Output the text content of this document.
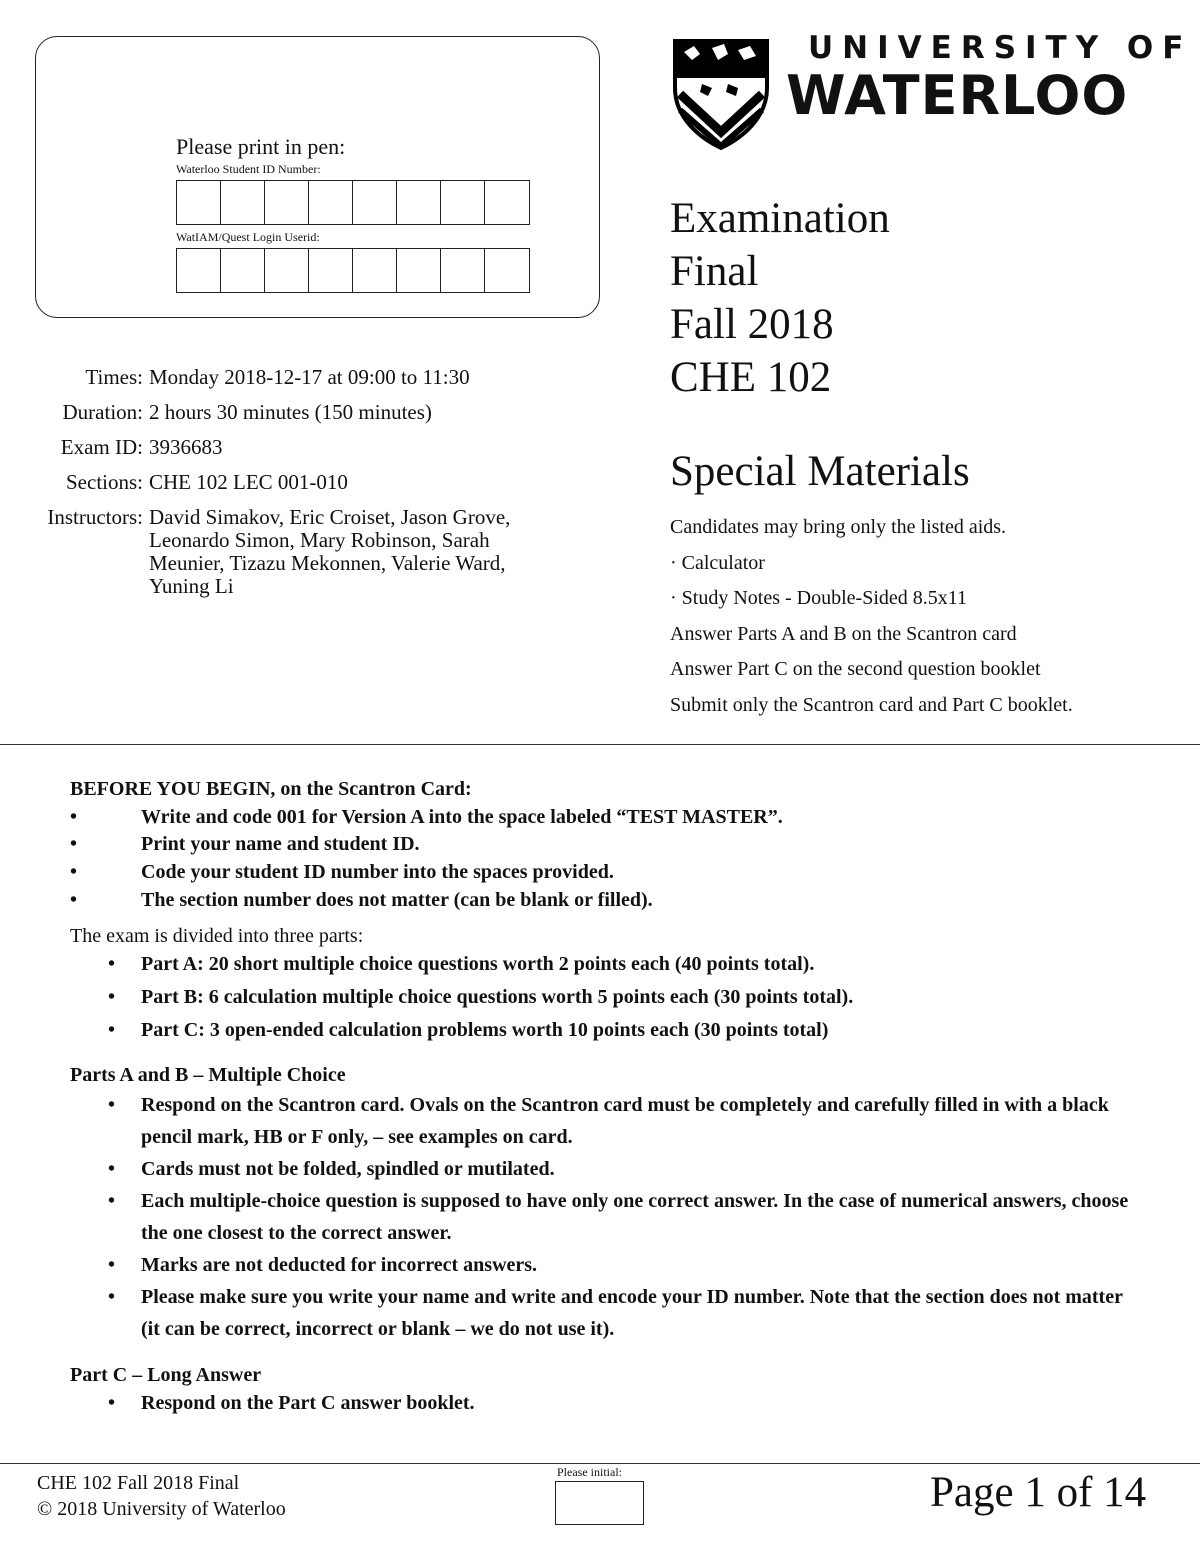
Please print in pen:
Waterloo Student ID Number:
WatIAM/Quest Login Userid:
Times: Monday 2018-12-17 at 09:00 to 11:30
Duration: 2 hours 30 minutes (150 minutes)
Exam ID: 3936683
Sections: CHE 102 LEC 001-010
Instructors: David Simakov, Eric Croiset, Jason Grove, Leonardo Simon, Mary Robinson, Sarah Meunier, Tizazu Mekonnen, Valerie Ward, Yuning Li
UNIVERSITY OF
WATERLOO
Examination
Final
Fall 2018
CHE 102
Special Materials
Candidates may bring only the listed aids.
· Calculator
· Study Notes - Double-Sided 8.5x11
Answer Parts A and B on the Scantron card
Answer Part C on the second question booklet
Submit only the Scantron card and Part C booklet.
BEFORE YOU BEGIN, on the Scantron Card:
•	Write and code 001 for Version A into the space labeled “TEST MASTER”.
•	Print your name and student ID.
•	Code your student ID number into the spaces provided.
•	The section number does not matter (can be blank or filled).
The exam is divided into three parts:
•	Part A: 20 short multiple choice questions worth 2 points each (40 points total).
•	Part B: 6 calculation multiple choice questions worth 5 points each (30 points total).
•	Part C: 3 open-ended calculation problems worth 10 points each (30 points total)
Parts A and B – Multiple Choice
•	Respond on the Scantron card. Ovals on the Scantron card must be completely and carefully filled in with a black pencil mark, HB or F only, – see examples on card.
•	Cards must not be folded, spindled or mutilated.
•	Each multiple-choice question is supposed to have only one correct answer. In the case of numerical answers, choose the one closest to the correct answer.
•	Marks are not deducted for incorrect answers.
•	Please make sure you write your name and write and encode your ID number. Note that the section does not matter (it can be correct, incorrect or blank – we do not use it).
Part C – Long Answer
•	Respond on the Part C answer booklet.
CHE 102 Fall 2018 Final
© 2018 University of Waterloo
Please initial:	Page 1 of 14
